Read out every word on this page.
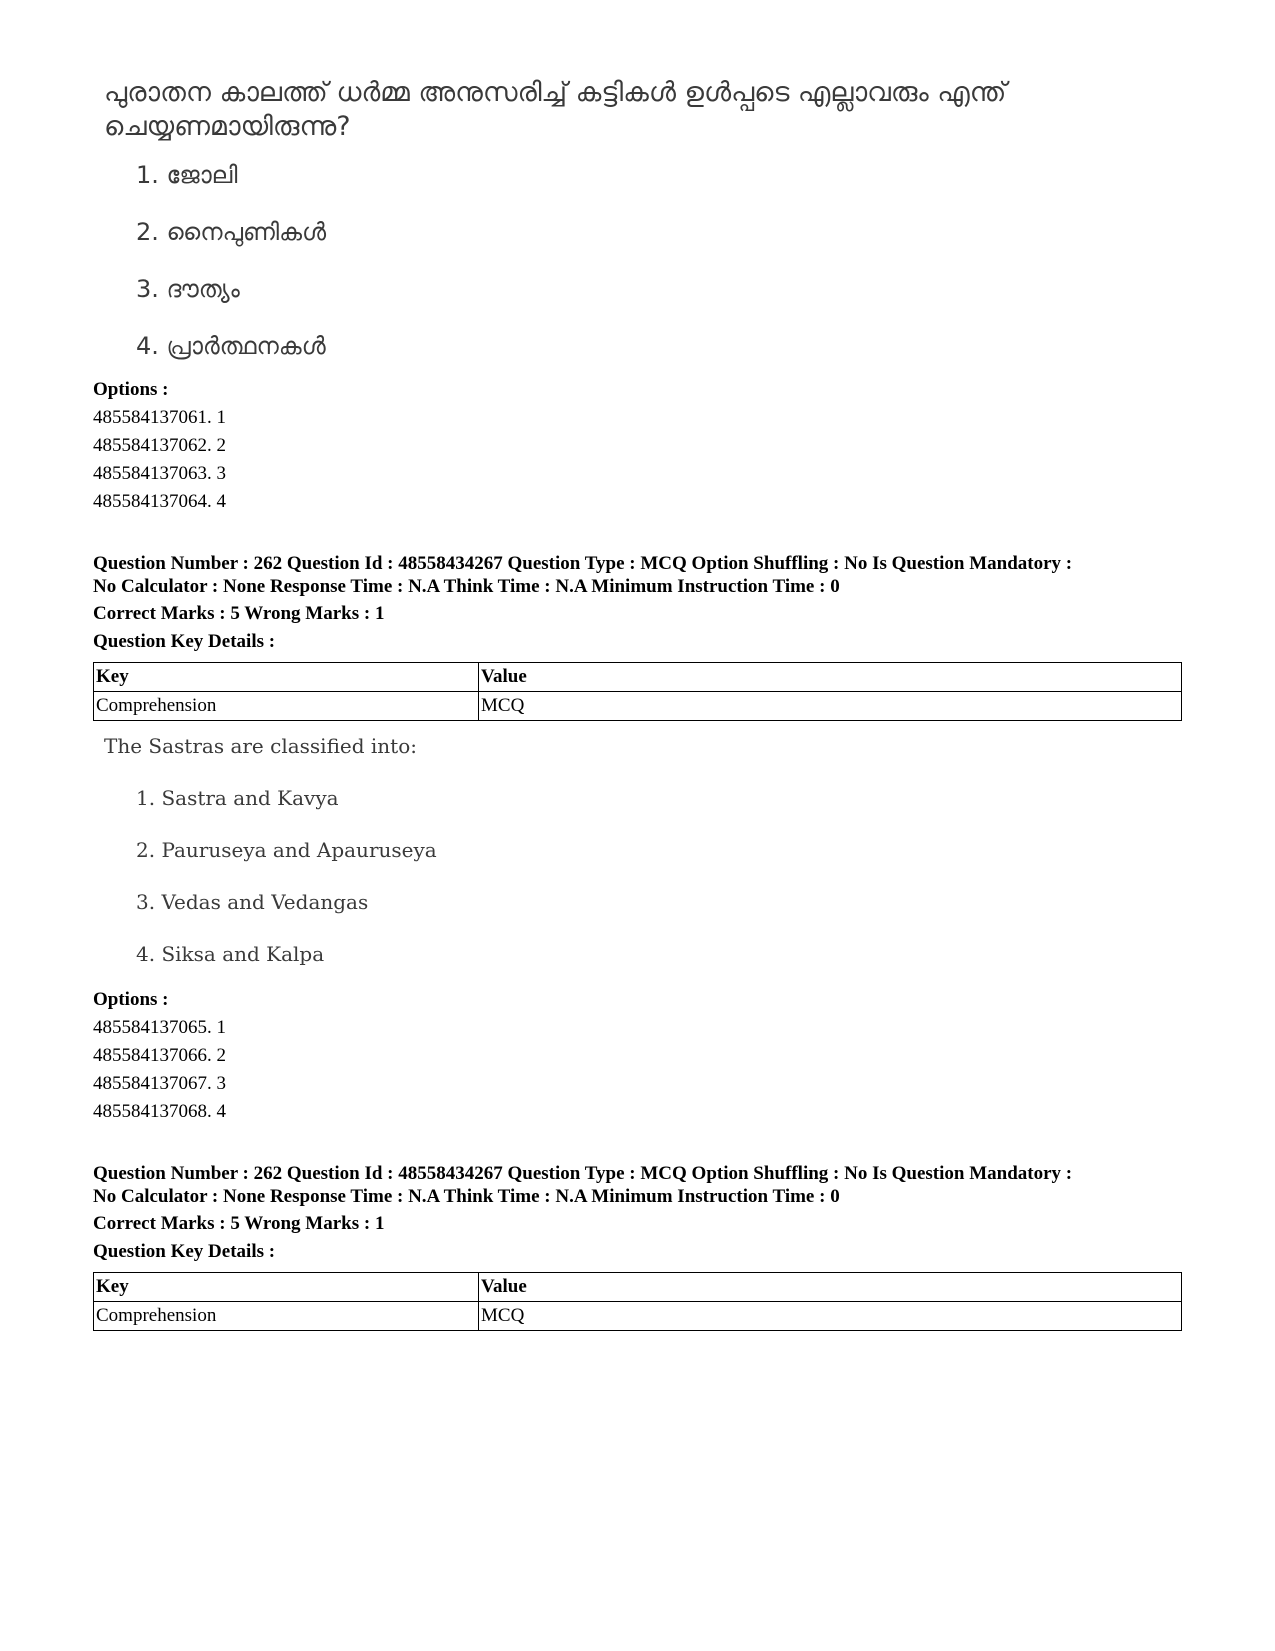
പുരാതന കാലത്ത് ധർമ്മ അനുസരിച്ച് കട്ടികൾ ഉൾപ്പടെ എല്ലാവരും എന്ത് ചെയ്യണമായിരുന്നു?
1. ജോലി
2. നൈപുണികൾ
3. ദൗത്യം
4. പ്രാർത്ഥനകൾ
Options :
485584137061. 1
485584137062. 2
485584137063. 3
485584137064. 4
Question Number : 262 Question Id : 48558434267 Question Type : MCQ Option Shuffling : No Is Question Mandatory :
No Calculator : None Response Time : N.A Think Time : N.A Minimum Instruction Time : 0
Correct Marks : 5 Wrong Marks : 1
Question Key Details :
Key	Value
Comprehension	MCQ
The Sastras are classified into:
1. Sastra and Kavya
2. Pauruseya and Apauruseya
3. Vedas and Vedangas
4. Siksa and Kalpa
Options :
485584137065. 1
485584137066. 2
485584137067. 3
485584137068. 4
Question Number : 262 Question Id : 48558434267 Question Type : MCQ Option Shuffling : No Is Question Mandatory :
No Calculator : None Response Time : N.A Think Time : N.A Minimum Instruction Time : 0
Correct Marks : 5 Wrong Marks : 1
Question Key Details :
Key	Value
Comprehension	MCQ
